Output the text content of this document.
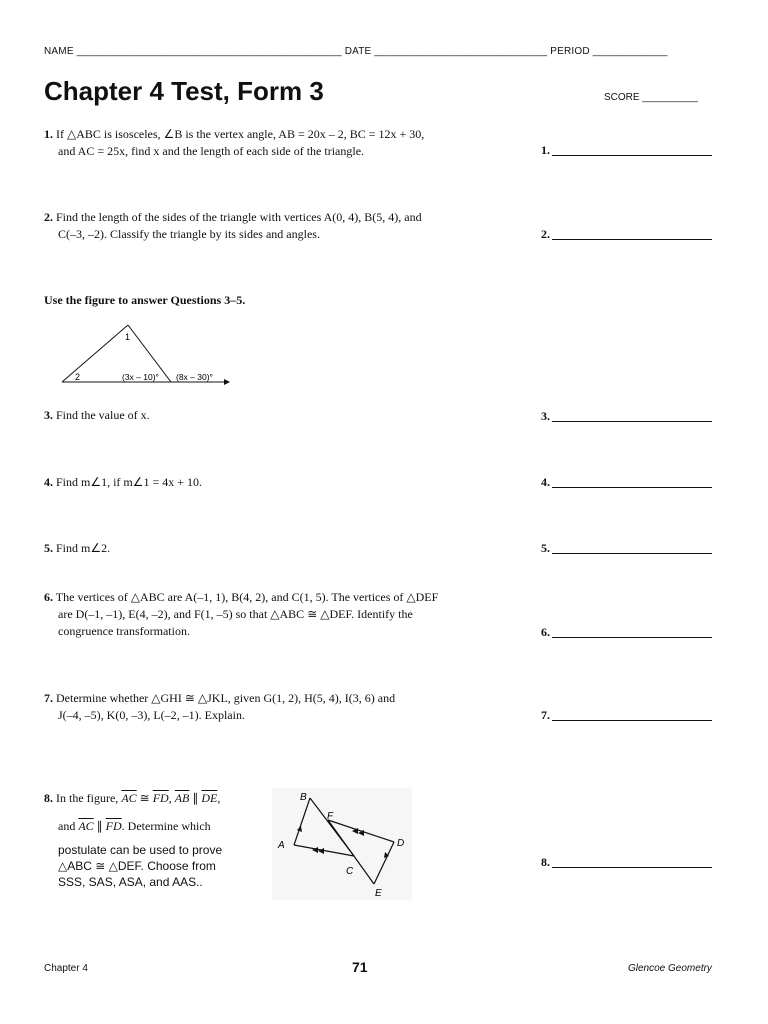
NAME ______________________________________________ DATE ______________________________ PERIOD _____________
Chapter 4 Test, Form 3	SCORE __________
1. If △ABC is isosceles, ∠B is the vertex angle, AB = 20x – 2, BC = 12x + 30,
and AC = 25x, find x and the length of each side of the triangle.	1.
2. Find the length of the sides of the triangle with vertices A(0, 4), B(5, 4), and
C(–3, –2). Classify the triangle by its sides and angles.	2.
Use the figure to answer Questions 3–5.
1
2	(3x – 10)° (8x – 30)°
3. Find the value of x.	3.
4. Find m∠1, if m∠1 = 4x + 10.	4.
5. Find m∠2.	5.
6. The vertices of △ABC are A(–1, 1), B(4, 2), and C(1, 5). The vertices of △DEF
are D(–1, –1), E(4, –2), and F(1, –5) so that △ABC ≅ △DEF. Identify the
congruence transformation.	6.
7. Determine whether △GHI ≅ △JKL, given G(1, 2), H(5, 4), I(3, 6) and
J(–4, –5), K(0, –3), L(–2, –1). Explain.	7.
8. In the figure, $\overline{AC}$ ≅ $\overline{FD}$, $\overline{AB}$ ∥ $\overline{DE}$,
and $\overline{AC}$ ∥ $\overline{FD}$. Determine which
postulate can be used to prove
△ABC ≅ △DEF. Choose from
SSS, SAS, ASA, and AAS..
B
F
A
C
D
E
8.
Chapter 4	71	Glencoe Geometry
